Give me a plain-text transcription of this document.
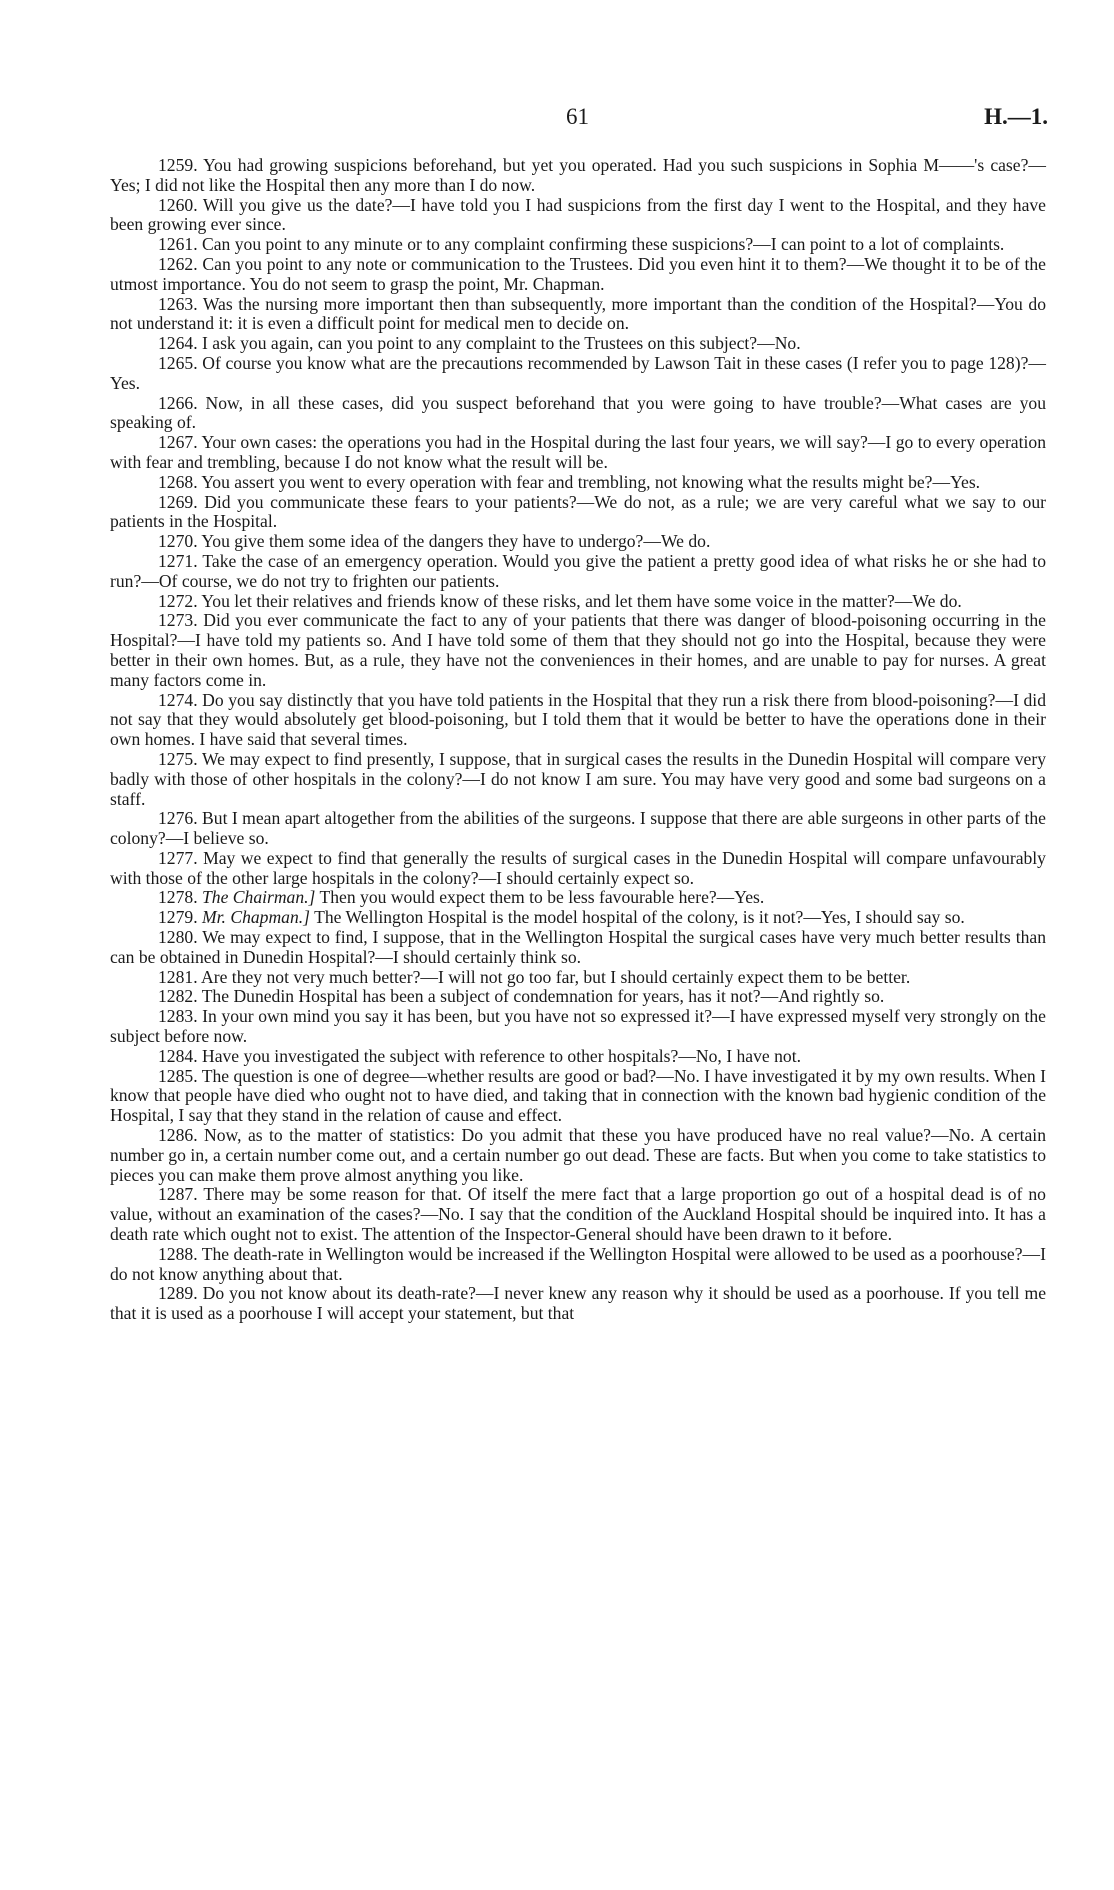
61	H.—1.

1259. You had growing suspicions beforehand, but yet you operated. Had you such suspicions in Sophia M——'s case?—Yes; I did not like the Hospital then any more than I do now.

1260. Will you give us the date?—I have told you I had suspicions from the first day I went to the Hospital, and they have been growing ever since.

1261. Can you point to any minute or to any complaint confirming these suspicions?—I can point to a lot of complaints.

1262. Can you point to any note or communication to the Trustees. Did you even hint it to them?—We thought it to be of the utmost importance. You do not seem to grasp the point, Mr. Chapman.

1263. Was the nursing more important then than subsequently, more important than the condition of the Hospital?—You do not understand it: it is even a difficult point for medical men to decide on.

1264. I ask you again, can you point to any complaint to the Trustees on this subject?—No.

1265. Of course you know what are the precautions recommended by Lawson Tait in these cases (I refer you to page 128)?—Yes.

1266. Now, in all these cases, did you suspect beforehand that you were going to have trouble?—What cases are you speaking of.

1267. Your own cases: the operations you had in the Hospital during the last four years, we will say?—I go to every operation with fear and trembling, because I do not know what the result will be.

1268. You assert you went to every operation with fear and trembling, not knowing what the results might be?—Yes.

1269. Did you communicate these fears to your patients?—We do not, as a rule; we are very careful what we say to our patients in the Hospital.

1270. You give them some idea of the dangers they have to undergo?—We do.

1271. Take the case of an emergency operation. Would you give the patient a pretty good idea of what risks he or she had to run?—Of course, we do not try to frighten our patients.

1272. You let their relatives and friends know of these risks, and let them have some voice in the matter?—We do.

1273. Did you ever communicate the fact to any of your patients that there was danger of blood-poisoning occurring in the Hospital?—I have told my patients so. And I have told some of them that they should not go into the Hospital, because they were better in their own homes. But, as a rule, they have not the conveniences in their homes, and are unable to pay for nurses. A great many factors come in.

1274. Do you say distinctly that you have told patients in the Hospital that they run a risk there from blood-poisoning?—I did not say that they would absolutely get blood-poisoning, but I told them that it would be better to have the operations done in their own homes. I have said that several times.

1275. We may expect to find presently, I suppose, that in surgical cases the results in the Dunedin Hospital will compare very badly with those of other hospitals in the colony?—I do not know I am sure. You may have very good and some bad surgeons on a staff.

1276. But I mean apart altogether from the abilities of the surgeons. I suppose that there are able surgeons in other parts of the colony?—I believe so.

1277. May we expect to find that generally the results of surgical cases in the Dunedin Hospital will compare unfavourably with those of the other large hospitals in the colony?—I should certainly expect so.

1278. The Chairman.] Then you would expect them to be less favourable here?—Yes.

1279. Mr. Chapman.] The Wellington Hospital is the model hospital of the colony, is it not?—Yes, I should say so.

1280. We may expect to find, I suppose, that in the Wellington Hospital the surgical cases have very much better results than can be obtained in Dunedin Hospital?—I should certainly think so.

1281. Are they not very much better?—I will not go too far, but I should certainly expect them to be better.

1282. The Dunedin Hospital has been a subject of condemnation for years, has it not?—And rightly so.

1283. In your own mind you say it has been, but you have not so expressed it?—I have expressed myself very strongly on the subject before now.

1284. Have you investigated the subject with reference to other hospitals?—No, I have not.

1285. The question is one of degree—whether results are good or bad?—No. I have investigated it by my own results. When I know that people have died who ought not to have died, and taking that in connection with the known bad hygienic condition of the Hospital, I say that they stand in the relation of cause and effect.

1286. Now, as to the matter of statistics: Do you admit that these you have produced have no real value?—No. A certain number go in, a certain number come out, and a certain number go out dead. These are facts. But when you come to take statistics to pieces you can make them prove almost anything you like.

1287. There may be some reason for that. Of itself the mere fact that a large proportion go out of a hospital dead is of no value, without an examination of the cases?—No. I say that the condition of the Auckland Hospital should be inquired into. It has a death rate which ought not to exist. The attention of the Inspector-General should have been drawn to it before.

1288. The death-rate in Wellington would be increased if the Wellington Hospital were allowed to be used as a poorhouse?—I do not know anything about that.

1289. Do you not know about its death-rate?—I never knew any reason why it should be used as a poorhouse. If you tell me that it is used as a poorhouse I will accept your statement, but that
